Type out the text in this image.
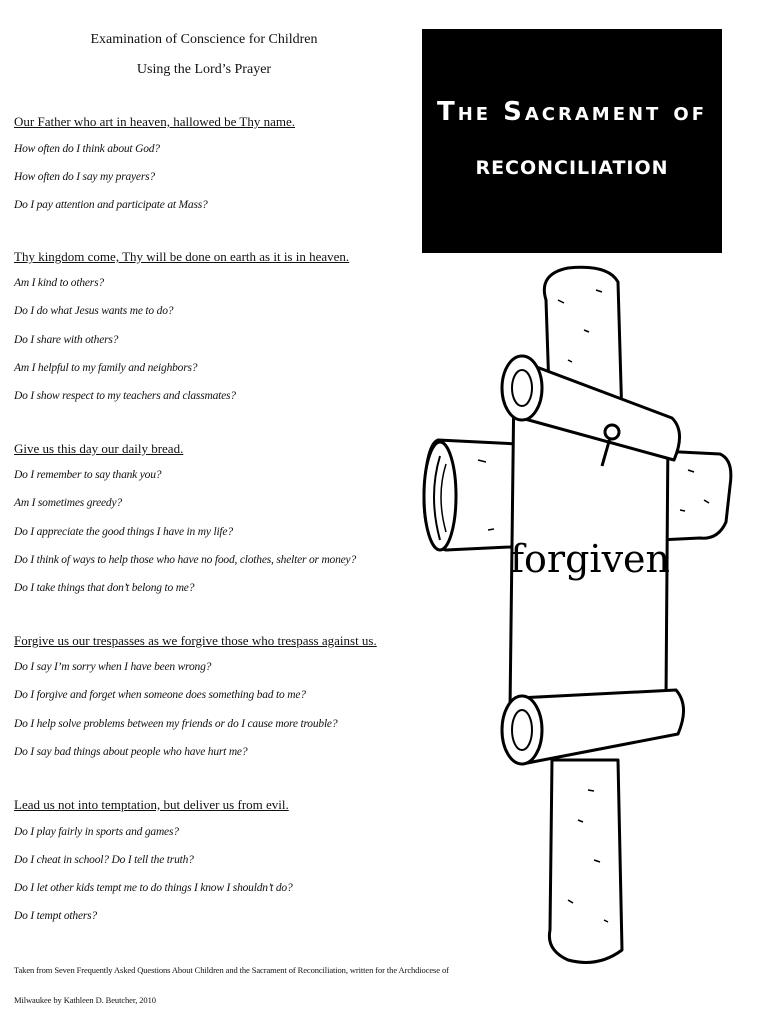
Examination of Conscience for Children
Using the Lord’s Prayer
Our Father who art in heaven, hallowed be Thy name.
How often do I think about God?
How often do I say my prayers?
Do I pay attention and participate at Mass?
Thy kingdom come, Thy will be done on earth as it is in heaven.
Am I kind to others?
Do I do what Jesus wants me to do?
Do I share with others?
Am I helpful to my family and neighbors?
Do I show respect to my teachers and classmates?
Give us this day our daily bread.
Do I remember to say thank you?
Am I sometimes greedy?
Do I appreciate the good things I have in my life?
Do I think of ways to help those who have no food, clothes, shelter or money?
Do I take things that don’t belong to me?
Forgive us our trespasses as we forgive those who trespass against us.
Do I say I’m sorry when I have been wrong?
Do I forgive and forget when someone does something bad to me?
Do I help solve problems between my friends or do I cause more trouble?
Do I say bad things about people who have hurt me?
Lead us not into temptation, but deliver us from evil.
Do I play fairly in sports and games?
Do I cheat in school? Do I tell the truth?
Do I let other kids tempt me to do things I know I shouldn’t do?
Do I tempt others?
Taken from Seven Frequently Asked Questions About Children and the Sacrament of Reconciliation, written for the Archdiocese of
Milwaukee by Kathleen D. Beutcher, 2010
The Sacrament of
reconciliation
forgiven
